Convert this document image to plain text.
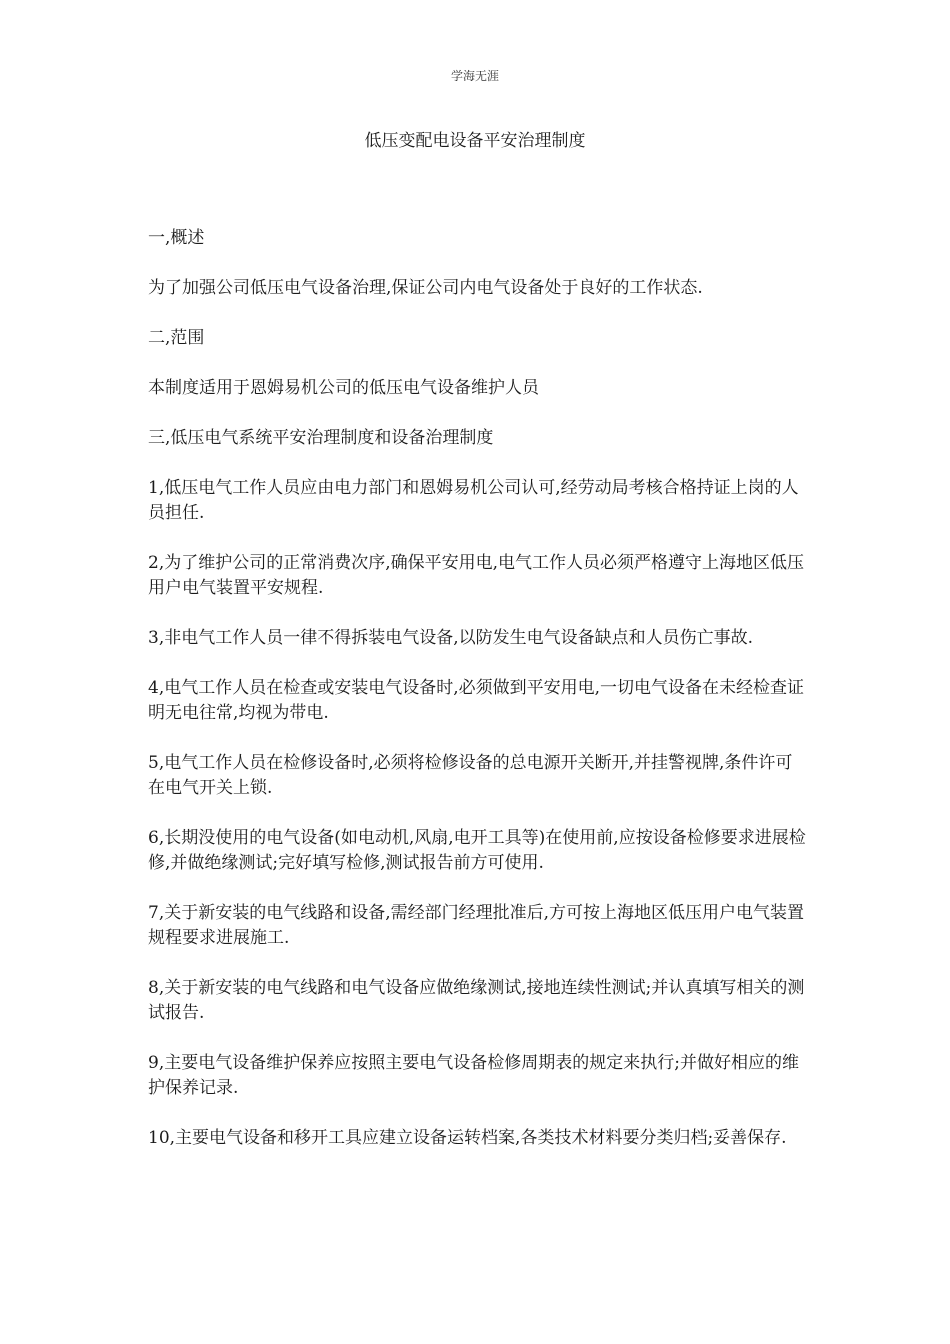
学海无涯
低压变配电设备平安治理制度

一,概述

为了加强公司低压电气设备治理,保证公司内电气设备处于良好的工作状态.

二,范围

本制度适用于恩姆易机公司的低压电气设备维护人员

三,低压电气系统平安治理制度和设备治理制度

1,低压电气工作人员应由电力部门和恩姆易机公司认可,经劳动局考核合格持证上岗的人员担任.

2,为了维护公司的正常消费次序,确保平安用电,电气工作人员必须严格遵守上海地区低压用户电气装置平安规程.

3,非电气工作人员一律不得拆装电气设备,以防发生电气设备缺点和人员伤亡事故.

4,电气工作人员在检查或安装电气设备时,必须做到平安用电,一切电气设备在未经检查证明无电往常,均视为带电.

5,电气工作人员在检修设备时,必须将检修设备的总电源开关断开,并挂警视牌,条件许可在电气开关上锁.

6,长期没使用的电气设备(如电动机,风扇,电开工具等)在使用前,应按设备检修要求进展检修,并做绝缘测试;完好填写检修,测试报告前方可使用.

7,关于新安装的电气线路和设备,需经部门经理批准后,方可按上海地区低压用户电气装置规程要求进展施工.

8,关于新安装的电气线路和电气设备应做绝缘测试,接地连续性测试;并认真填写相关的测试报告.

9,主要电气设备维护保养应按照主要电气设备检修周期表的规定来执行;并做好相应的维护保养记录.

10,主要电气设备和移开工具应建立设备运转档案,各类技术材料要分类归档;妥善保存.
